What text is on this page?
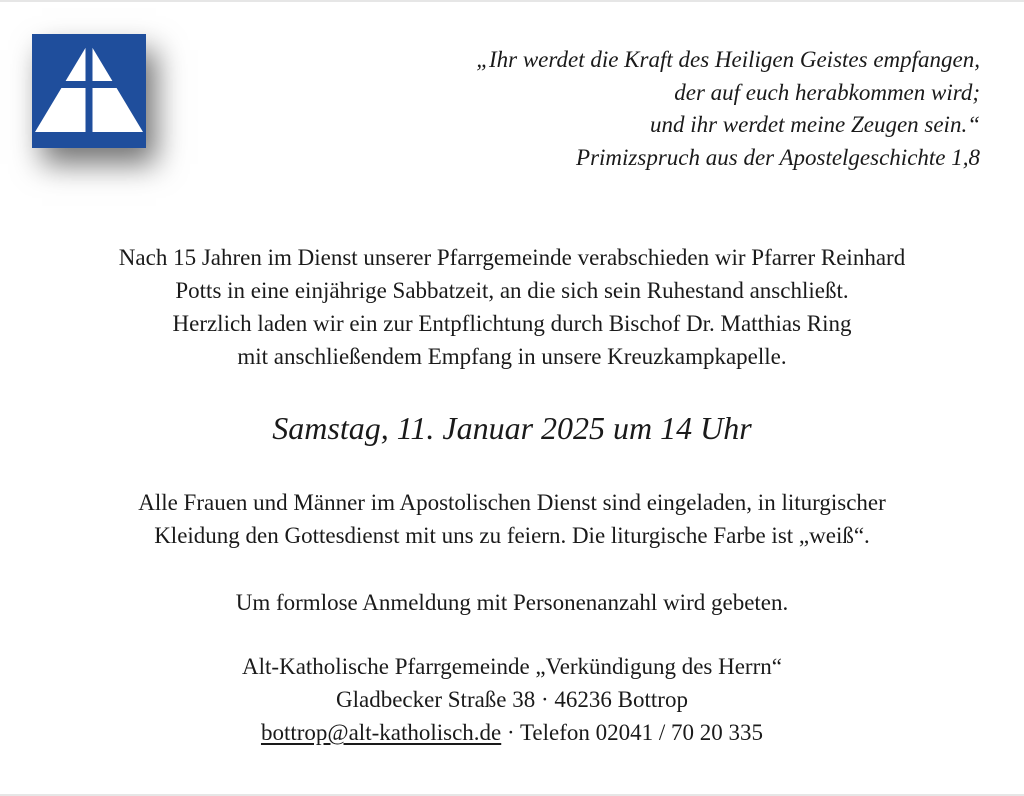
„Ihr werdet die Kraft des Heiligen Geistes empfangen,
der auf euch herabkommen wird;
und ihr werdet meine Zeugen sein.“
Primizspruch aus der Apostelgeschichte 1,8
Nach 15 Jahren im Dienst unserer Pfarrgemeinde verabschieden wir Pfarrer Reinhard
Potts in eine einjährige Sabbatzeit, an die sich sein Ruhestand anschließt.
Herzlich laden wir ein zur Entpflichtung durch Bischof Dr. Matthias Ring
mit anschließendem Empfang in unsere Kreuzkampkapelle.
Samstag, 11. Januar 2025 um 14 Uhr
Alle Frauen und Männer im Apostolischen Dienst sind eingeladen, in liturgischer
Kleidung den Gottesdienst mit uns zu feiern. Die liturgische Farbe ist „weiß“.
Um formlose Anmeldung mit Personenanzahl wird gebeten.
Alt-Katholische Pfarrgemeinde „Verkündigung des Herrn“
Gladbecker Straße 38 · 46236 Bottrop
bottrop@alt-katholisch.de · Telefon 02041 / 70 20 335
